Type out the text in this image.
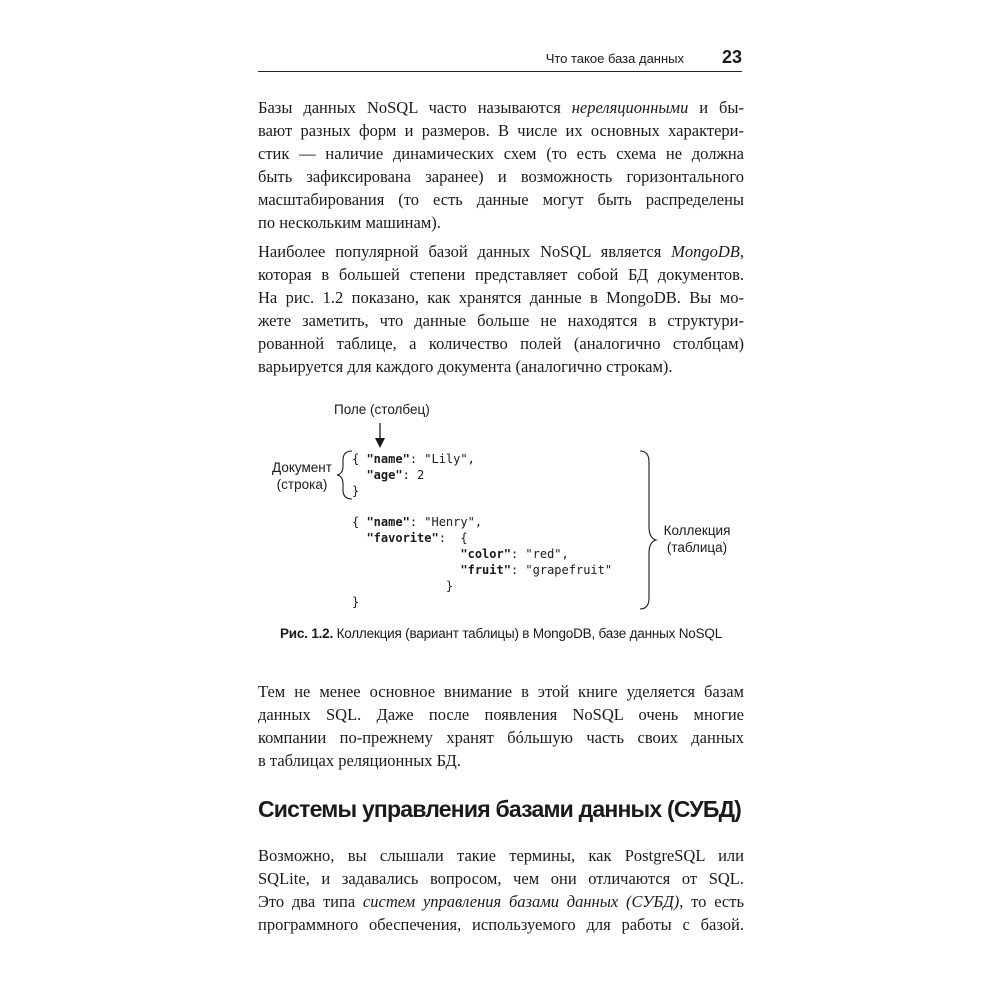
Что такое база данных 23
Базы данных NoSQL часто называются нереляционными и бы-
вают разных форм и размеров. В числе их основных характери-
стик — наличие динамических схем (то есть схема не должна
быть зафиксирована заранее) и возможность горизонтального
масштабирования (то есть данные могут быть распределены
по нескольким машинам).
Наиболее популярной базой данных NoSQL является MongoDB,
которая в большей степени представляет собой БД документов.
На рис. 1.2 показано, как хранятся данные в MongoDB. Вы мо-
жете заметить, что данные больше не находятся в структури-
рованной таблице, а количество полей (аналогично столбцам)
варьируется для каждого документа (аналогично строкам).
Поле (столбец)
Документ
(строка)
Коллекция
(таблица)
{ "name": "Lily",
"age": 2
}
{ "name": "Henry",
"favorite":  {
"color": "red",
"fruit": "grapefruit"
}
}
Рис. 1.2. Коллекция (вариант таблицы) в MongoDB, базе данных NoSQL
Тем не менее основное внимание в этой книге уделяется базам
данных SQL. Даже после появления NoSQL очень многие
компании по-прежнему хранят бóльшую часть своих данных
в таблицах реляционных БД.
Системы управления базами данных (СУБД)
Возможно, вы слышали такие термины, как PostgreSQL или
SQLite, и задавались вопросом, чем они отличаются от SQL.
Это два типа систем управления базами данных (СУБД), то есть
программного обеспечения, используемого для работы с базой.
